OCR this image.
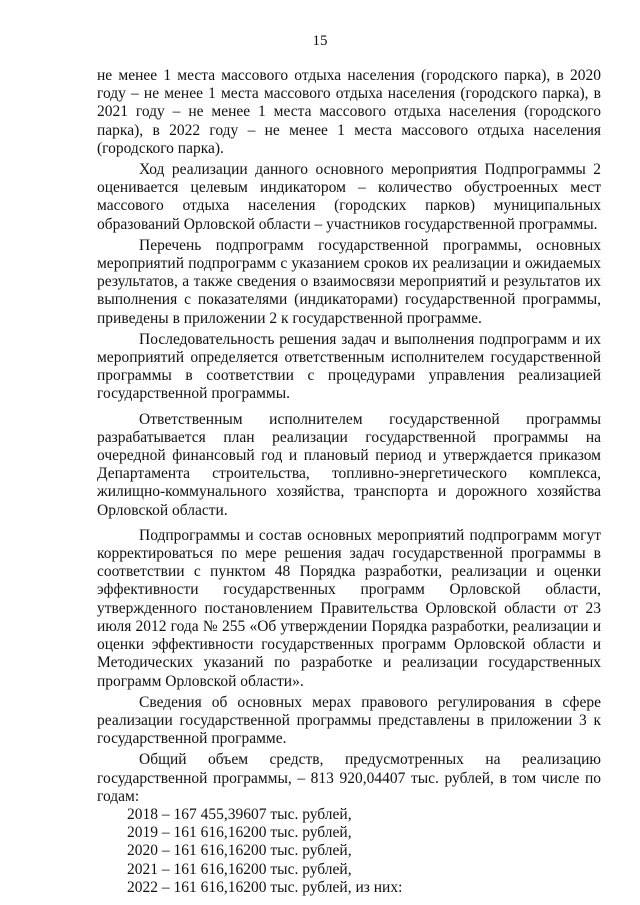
15

не менее 1 места массового отдыха населения (городского парка), в 2020 году – не менее 1 места массового отдыха населения (городского парка), в 2021 году – не менее 1 места массового отдыха населения (городского парка), в 2022 году – не менее 1 места массового отдыха населения (городского парка).

Ход реализации данного основного мероприятия Подпрограммы 2 оценивается целевым индикатором – количество обустроенных мест массового отдыха населения (городских парков) муниципальных образований Орловской области – участников государственной программы.

Перечень подпрограмм государственной программы, основных мероприятий подпрограмм с указанием сроков их реализации и ожидаемых результатов, а также сведения о взаимосвязи мероприятий и результатов их выполнения с показателями (индикаторами) государственной программы, приведены в приложении 2 к государственной программе.

Последовательность решения задач и выполнения подпрограмм и их мероприятий определяется ответственным исполнителем государственной программы в соответствии с процедурами управления реализацией государственной программы.

Ответственным исполнителем государственной программы разрабатывается план реализации государственной программы на очередной финансовый год и плановый период и утверждается приказом Департамента строительства, топливно-энергетического комплекса, жилищно-коммунального хозяйства, транспорта и дорожного хозяйства Орловской области.

Подпрограммы и состав основных мероприятий подпрограмм могут корректироваться по мере решения задач государственной программы в соответствии с пунктом 48 Порядка разработки, реализации и оценки эффективности государственных программ Орловской области, утвержденного постановлением Правительства Орловской области от 23 июля 2012 года № 255 «Об утверждении Порядка разработки, реализации и оценки эффективности государственных программ Орловской области и Методических указаний по разработке и реализации государственных программ Орловской области».

Сведения об основных мерах правового регулирования в сфере реализации государственной программы представлены в приложении 3 к государственной программе.

Общий объем средств, предусмотренных на реализацию государственной программы, – 813 920,04407 тыс. рублей, в том числе по годам:

2018 – 167 455,39607 тыс. рублей,

2019 – 161 616,16200 тыс. рублей,

2020 – 161 616,16200 тыс. рублей,

2021 – 161 616,16200 тыс. рублей,

2022 – 161 616,16200 тыс. рублей, из них:
